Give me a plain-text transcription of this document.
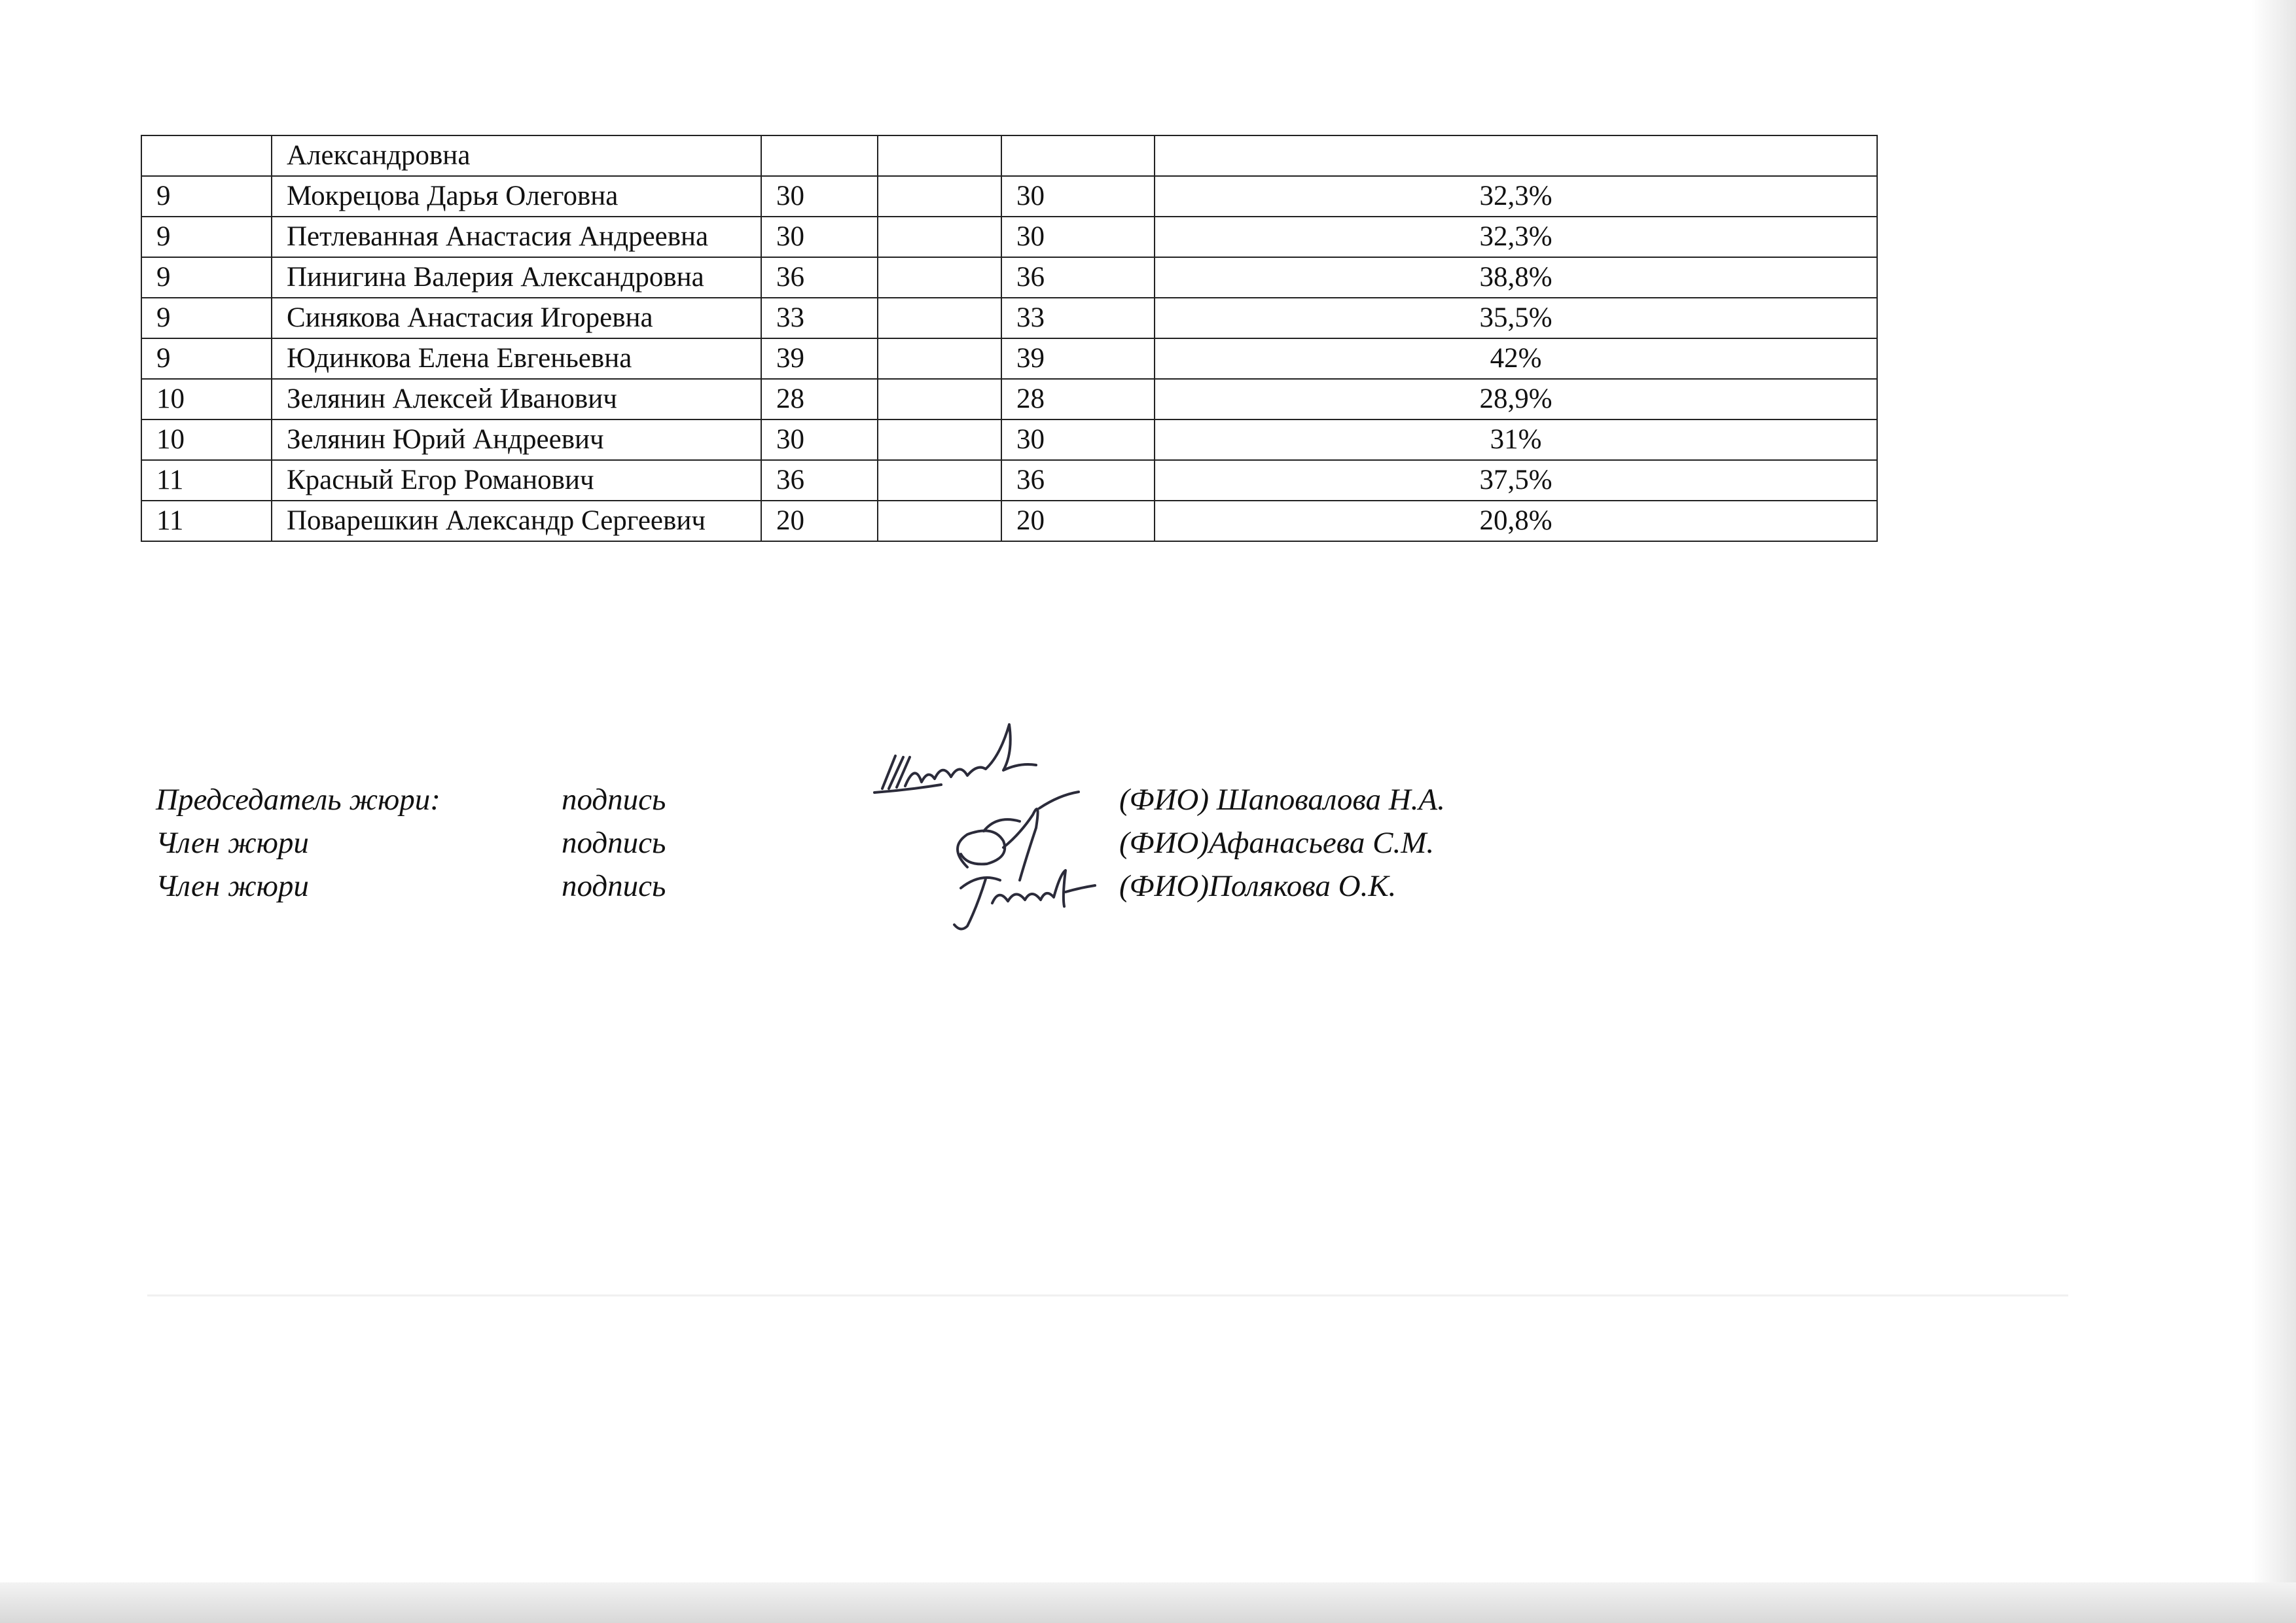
	Александровна				
9	Мокрецова Дарья Олеговна	30		30	32,3%
9	Петлеванная Анастасия Андреевна	30		30	32,3%
9	Пинигина Валерия Александровна	36		36	38,8%
9	Синякова Анастасия Игоревна	33		33	35,5%
9	Юдинкова Елена Евгеньевна	39		39	42%
10	Зелянин Алексей Иванович	28		28	28,9%
10	Зелянин Юрий Андреевич	30		30	31%
11	Красный Егор Романович	36		36	37,5%
11	Поварешкин Александр Сергеевич	20		20	20,8%
Председатель жюри:	подпись	(ФИО) Шаповалова Н.А.
Член жюри	подпись	(ФИО)Афанасьева С.М.
Член жюри	подпись	(ФИО)Полякова О.К.
